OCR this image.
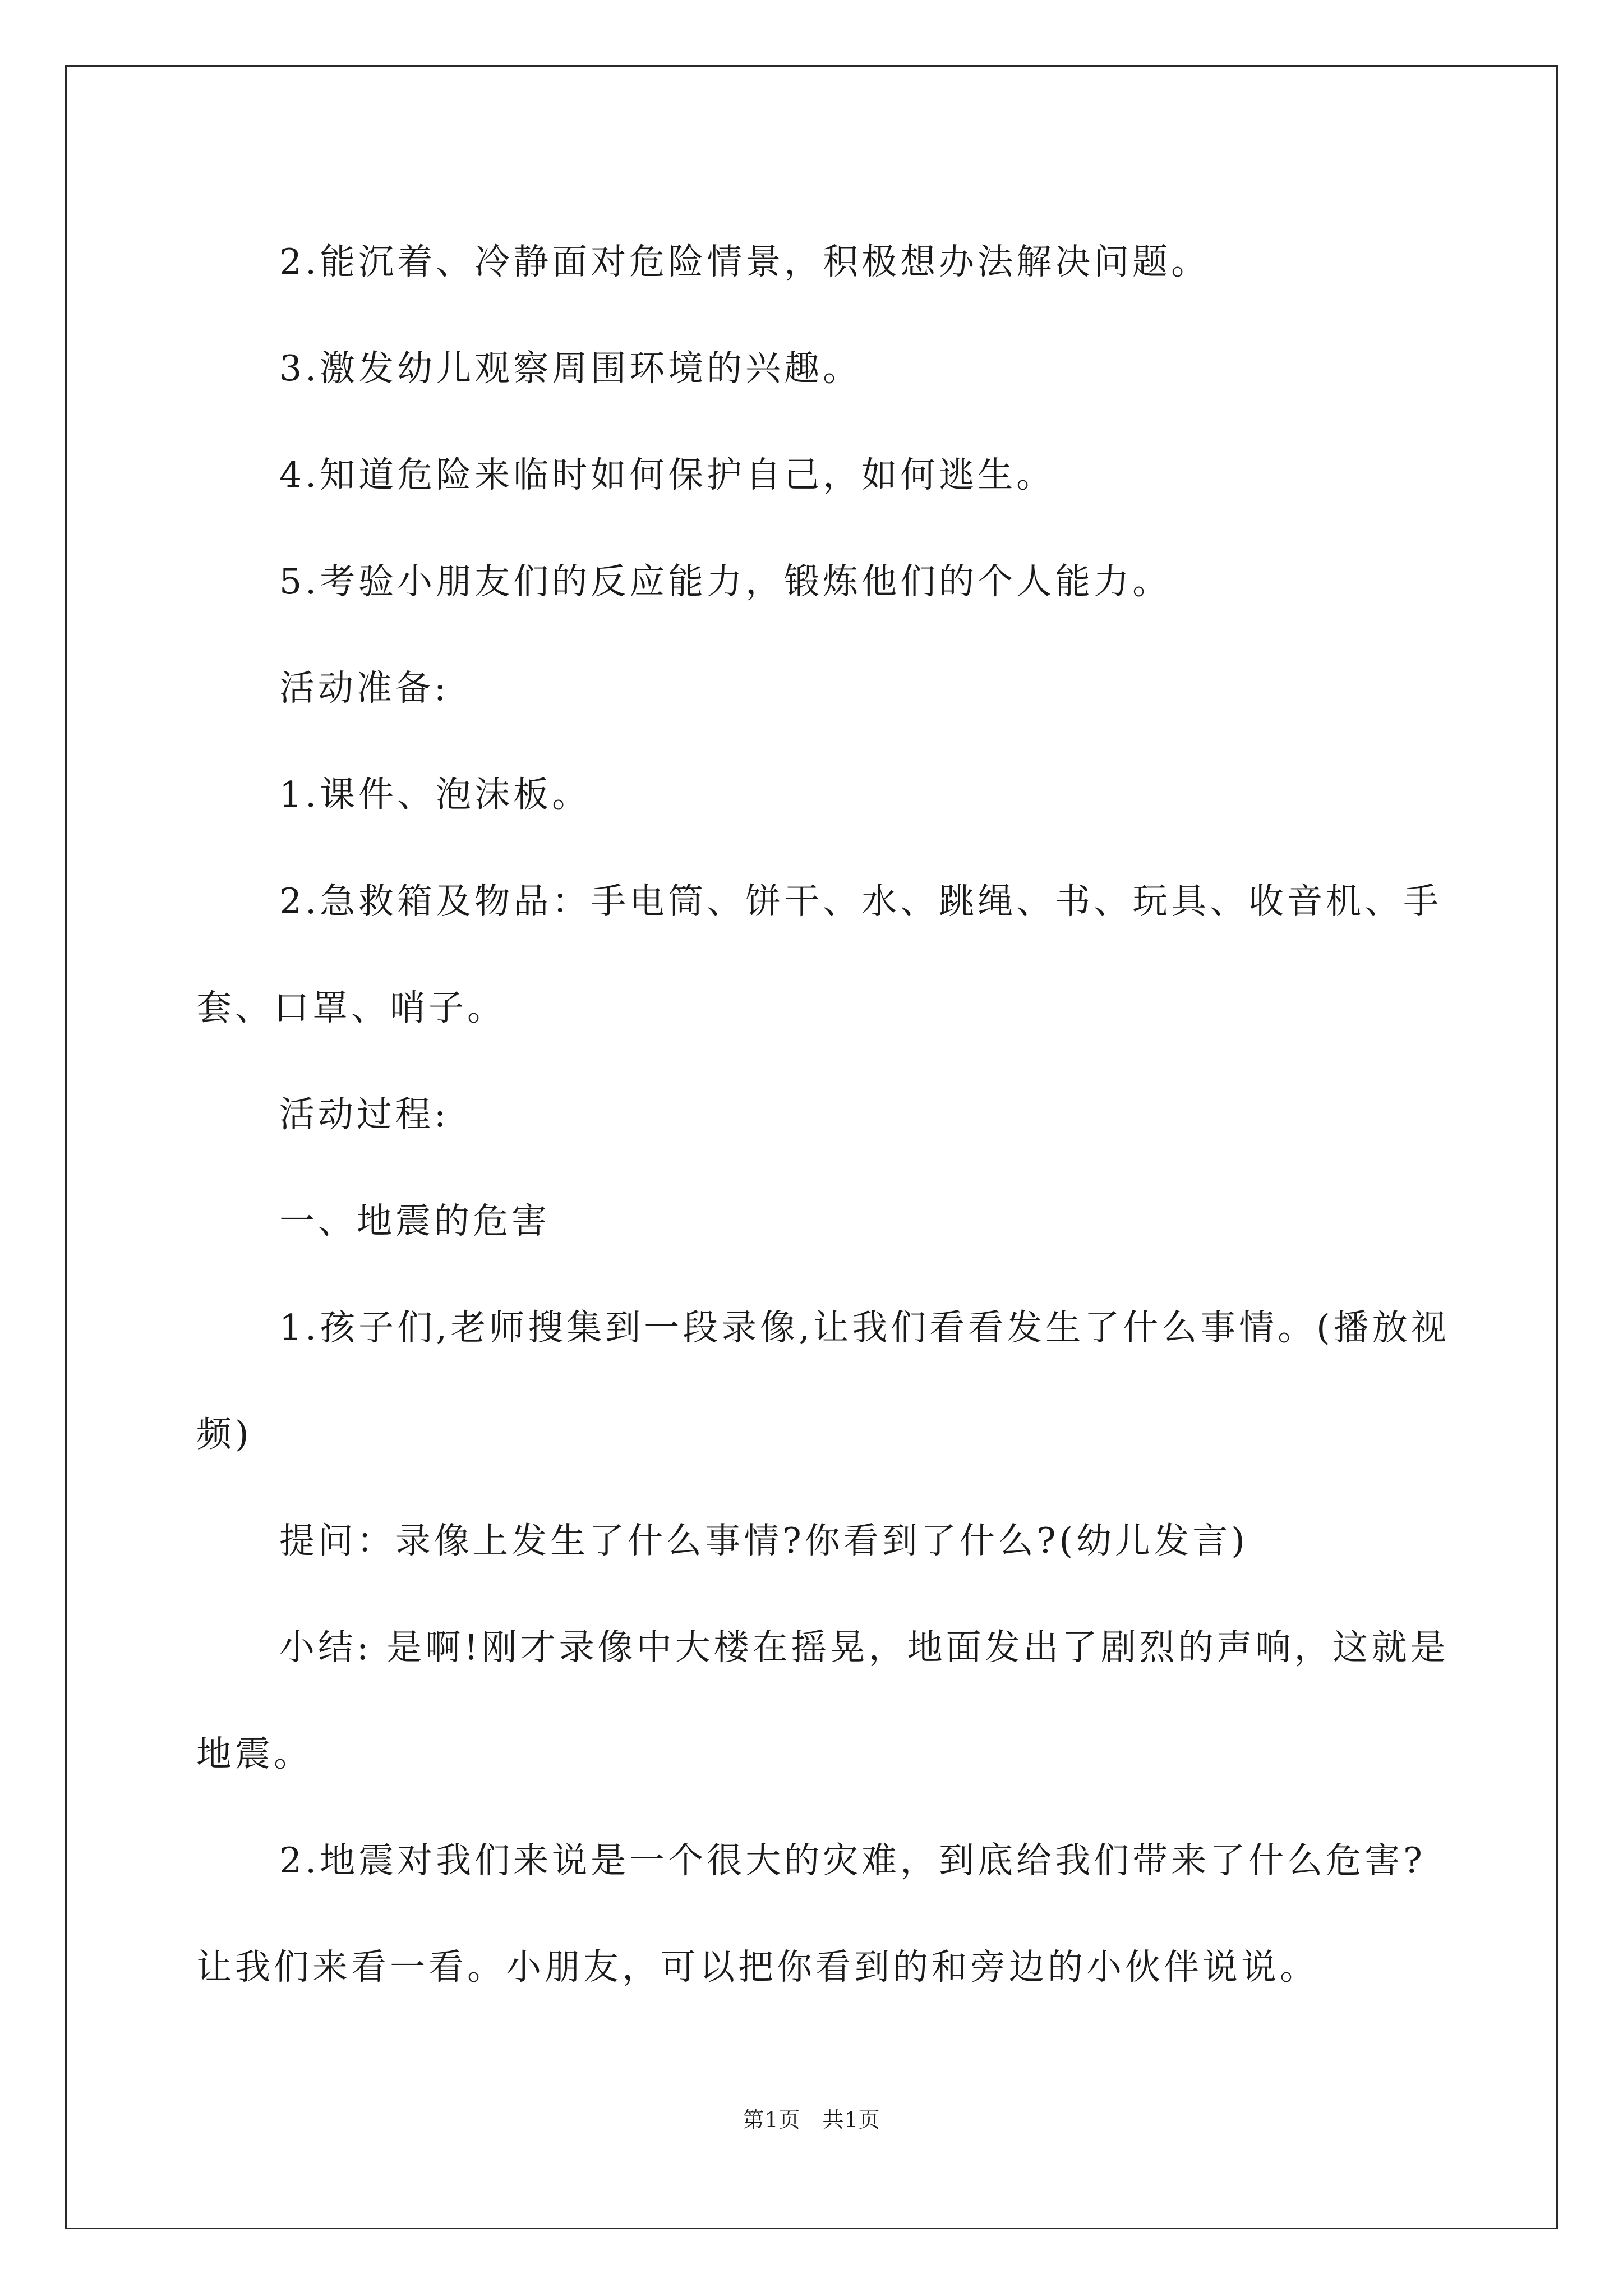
2.能沉着、冷静面对危险情景，积极想办法解决问题。

3.激发幼儿观察周围环境的兴趣。

4.知道危险来临时如何保护自己，如何逃生。

5.考验小朋友们的反应能力，锻炼他们的个人能力。

活动准备:

1.课件、泡沫板。

2.急救箱及物品：手电筒、饼干、水、跳绳、书、玩具、收音机、手套、口罩、哨子。

活动过程:

一、地震的危害

1.孩子们,老师搜集到一段录像,让我们看看发生了什么事情。(播放视频)

提问：录像上发生了什么事情?你看到了什么?(幼儿发言)

小结: 是啊!刚才录像中大楼在摇晃，地面发出了剧烈的声响，这就是地震。

2.地震对我们来说是一个很大的灾难，到底给我们带来了什么危害?让我们来看一看。小朋友，可以把你看到的和旁边的小伙伴说说。

第1页　共1页
